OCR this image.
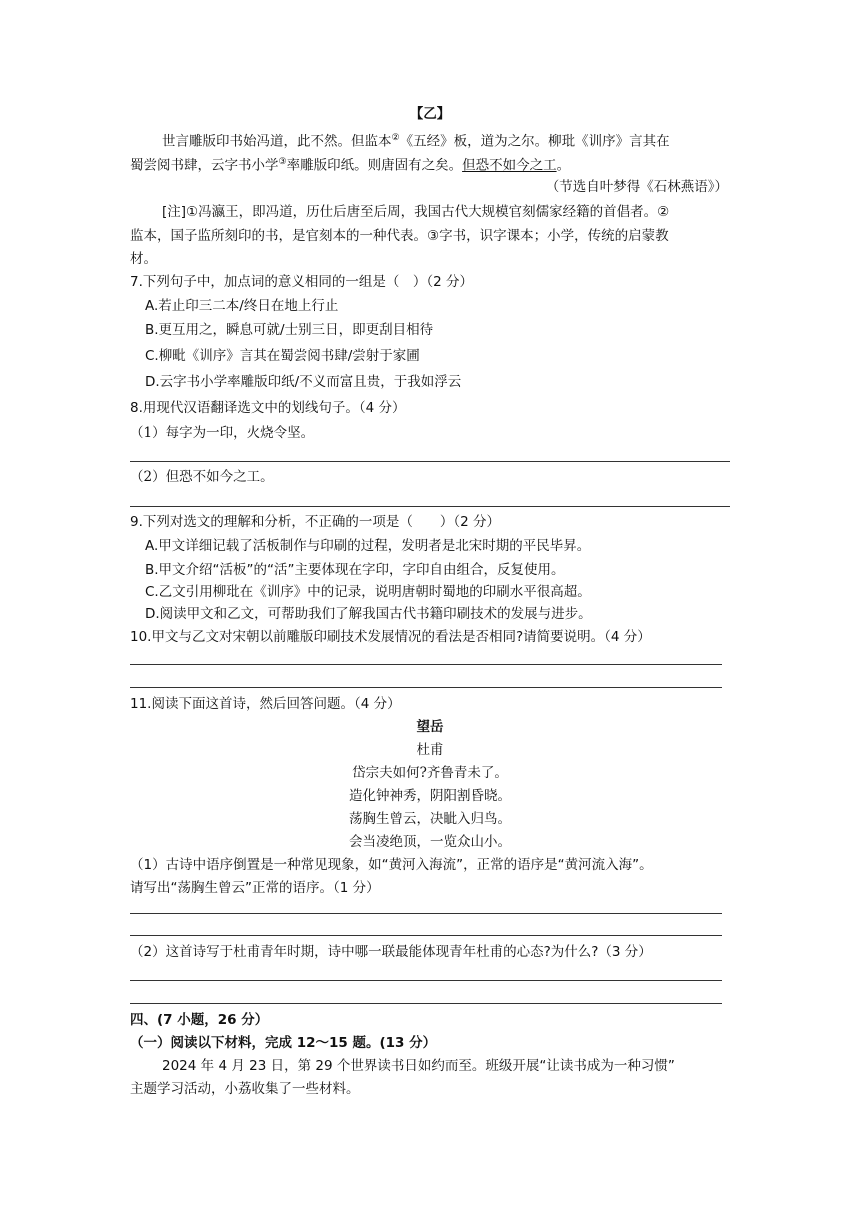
【乙】
世言雕版印书始冯道，此不然。但监本②《五经》板，道为之尔。柳玭《训序》言其在
蜀尝阅书肆，云字书小学③率雕版印纸。则唐固有之矣。但恐不如今之工。
（节选自叶梦得《石林燕语》）
[注]①冯瀛王，即冯道，历仕后唐至后周，我国古代大规模官刻儒家经籍的首倡者。②
监本，国子监所刻印的书，是官刻本的一种代表。③字书，识字课本；小学，传统的启蒙教
材。
7.下列句子中，加点词的意义相同的一组是（　）（2 分）
A.若止印三二本/终日在地上行止
B.更互用之，瞬息可就/士别三日，即更刮目相待
C.柳毗《训序》言其在蜀尝阅书肆/尝射于家圃
D.云字书小学率雕版印纸/不义而富且贵，于我如浮云
8.用现代汉语翻译选文中的划线句子。（4 分）
（1）每字为一印，火烧令坚。
（2）但恐不如今之工。
9.下列对选文的理解和分析，不正确的一项是（　　）（2 分）
A.甲文详细记载了活板制作与印刷的过程，发明者是北宋时期的平民毕昇。
B.甲文介绍“活板”的“活”主要体现在字印，字印自由组合，反复使用。
C.乙文引用柳玭在《训序》中的记录，说明唐朝时蜀地的印刷水平很高超。
D.阅读甲文和乙文，可帮助我们了解我国古代书籍印刷技术的发展与进步。
10.甲文与乙文对宋朝以前雕版印刷技术发展情况的看法是否相同?请简要说明。（4 分）
11.阅读下面这首诗，然后回答问题。（4 分）
望岳
杜甫
岱宗夫如何?齐鲁青未了。
造化钟神秀，阴阳割昏晓。
荡胸生曾云，决眦入归鸟。
会当凌绝顶，一览众山小。
（1）古诗中语序倒置是一种常见现象，如“黄河入海流”，正常的语序是“黄河流入海”。
请写出“荡胸生曾云”正常的语序。（1 分）
（2）这首诗写于杜甫青年时期，诗中哪一联最能体现青年杜甫的心态?为什么?（3 分）
四、(7 小题，26 分）
（一）阅读以下材料，完成 12～15 题。(13 分）
2024 年 4 月 23 日，第 29 个世界读书日如约而至。班级开展“让读书成为一种习惯”
主题学习活动，小荔收集了一些材料。
